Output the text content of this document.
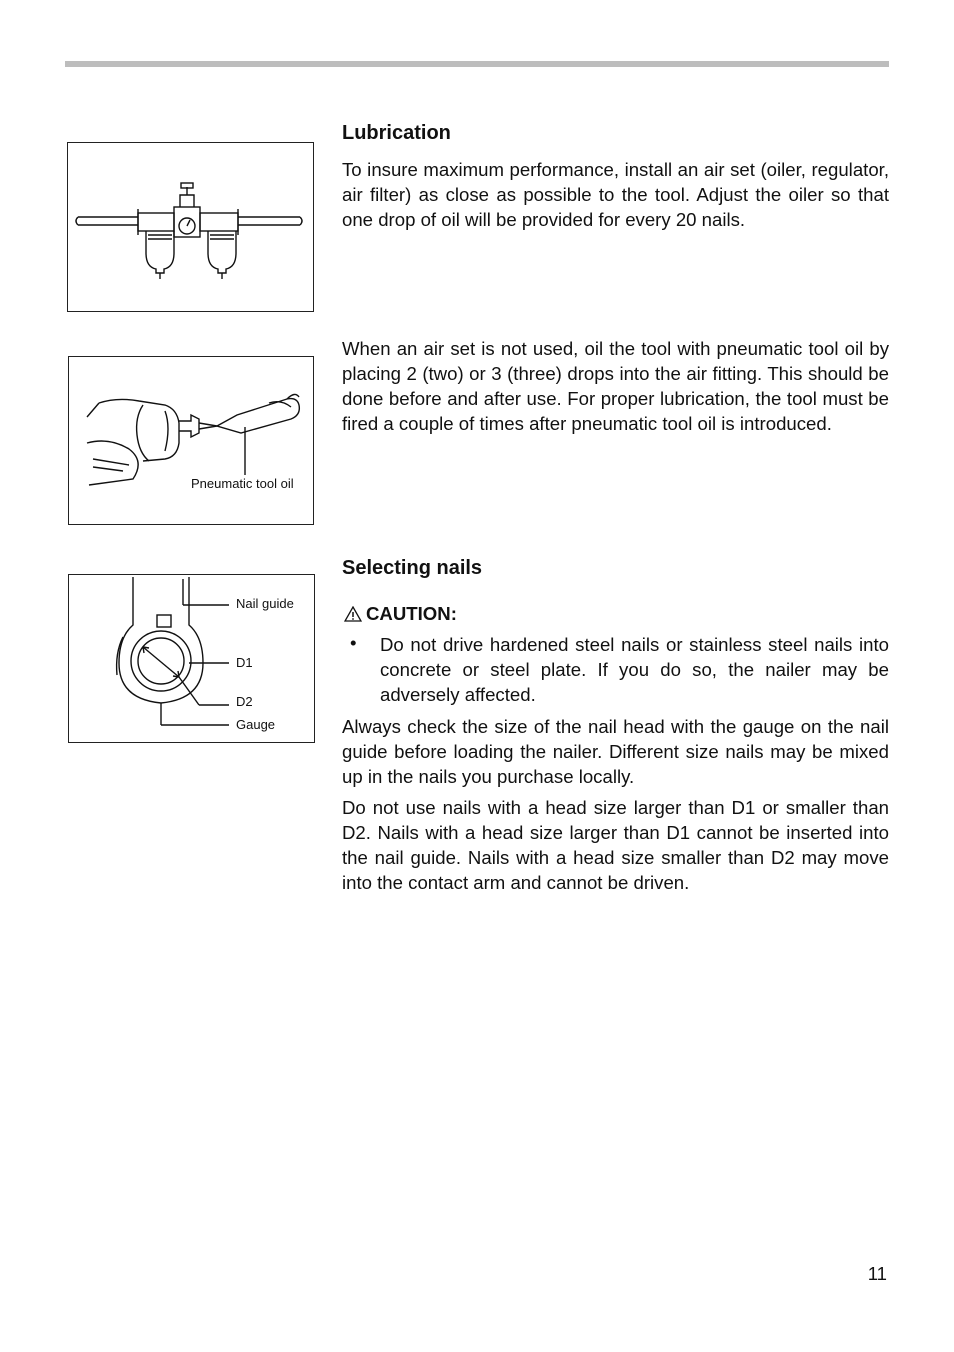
Pneumatic tool oil
Nail guide
D1
D2
Gauge
Lubrication

To insure maximum performance, install an air set (oiler, regulator, air filter) as close as possible to the tool. Adjust the oiler so that one drop of oil will be provided for every 20 nails.

When an air set is not used, oil the tool with pneumatic tool oil by placing 2 (two) or 3 (three) drops into the air fitting. This should be done before and after use. For proper lubrication, the tool must be fired a couple of times after pneumatic tool oil is introduced.

Selecting nails
CAUTION:
• Do not drive hardened steel nails or stainless steel nails into concrete or steel plate. If you do so, the nailer may be adversely affected.

Always check the size of the nail head with the gauge on the nail guide before loading the nailer. Different size nails may be mixed up in the nails you purchase locally.

Do not use nails with a head size larger than D1 or smaller than D2. Nails with a head size larger than D1 cannot be inserted into the nail guide. Nails with a head size smaller than D2 may move into the contact arm and cannot be driven.

11
